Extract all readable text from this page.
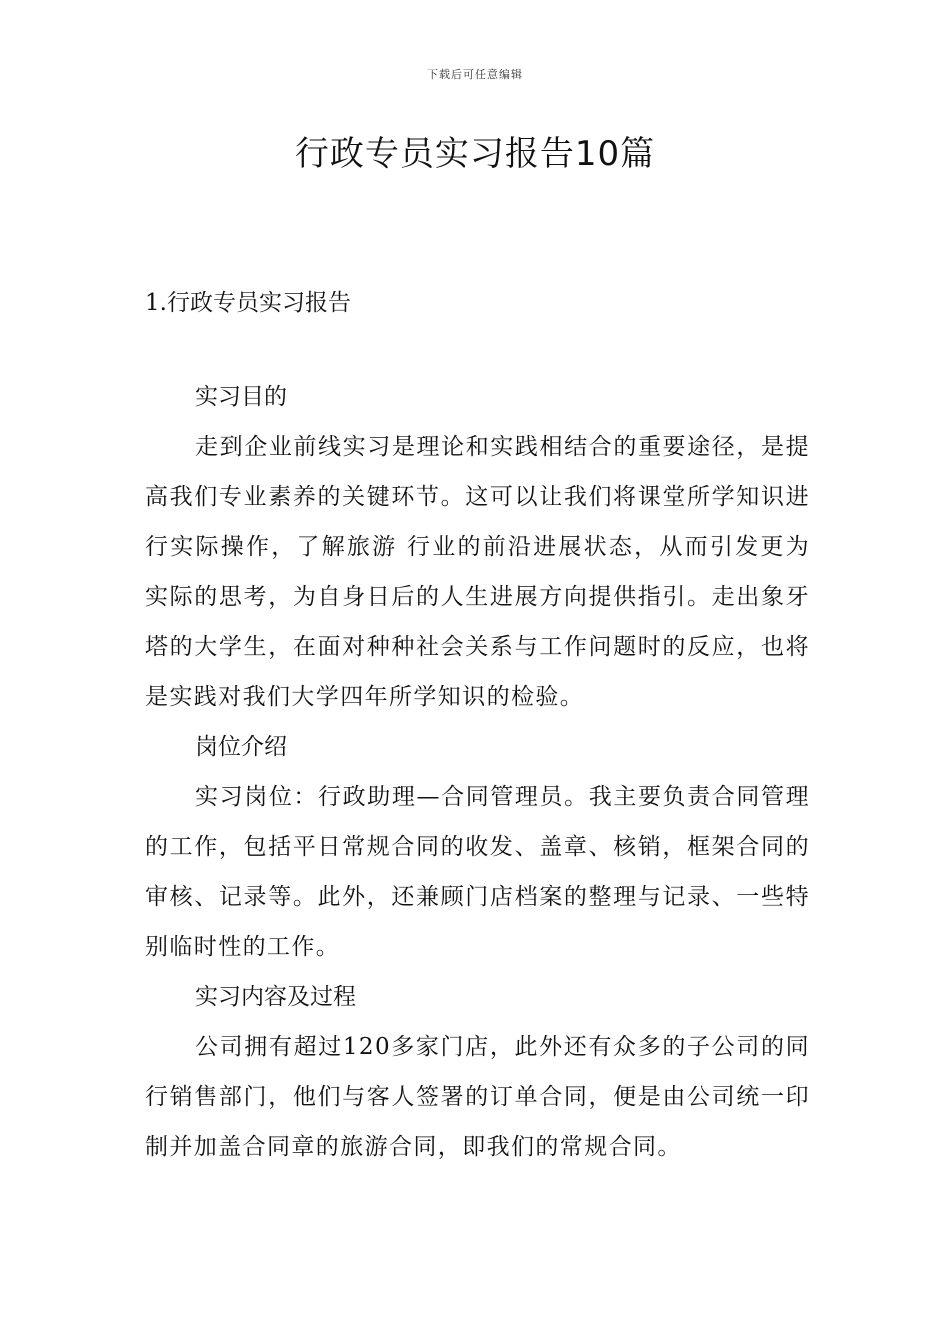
下载后可任意编辑
行政专员实习报告10篇
1.行政专员实习报告
实习目的

走到企业前线实习是理论和实践相结合的重要途径，是提高我们专业素养的关键环节。这可以让我们将课堂所学知识进行实际操作，了解旅游 行业的前沿进展状态，从而引发更为实际的思考，为自身日后的人生进展方向提供指引。走出象牙塔的大学生，在面对种种社会关系与工作问题时的反应，也将是实践对我们大学四年所学知识的检验。

岗位介绍

实习岗位：行政助理—合同管理员。我主要负责合同管理的工作，包括平日常规合同的收发、盖章、核销，框架合同的审核、记录等。此外，还兼顾门店档案的整理与记录、一些特别临时性的工作。

实习内容及过程

公司拥有超过120多家门店，此外还有众多的子公司的同行销售部门，他们与客人签署的订单合同，便是由公司统一印制并加盖合同章的旅游合同，即我们的常规合同。
